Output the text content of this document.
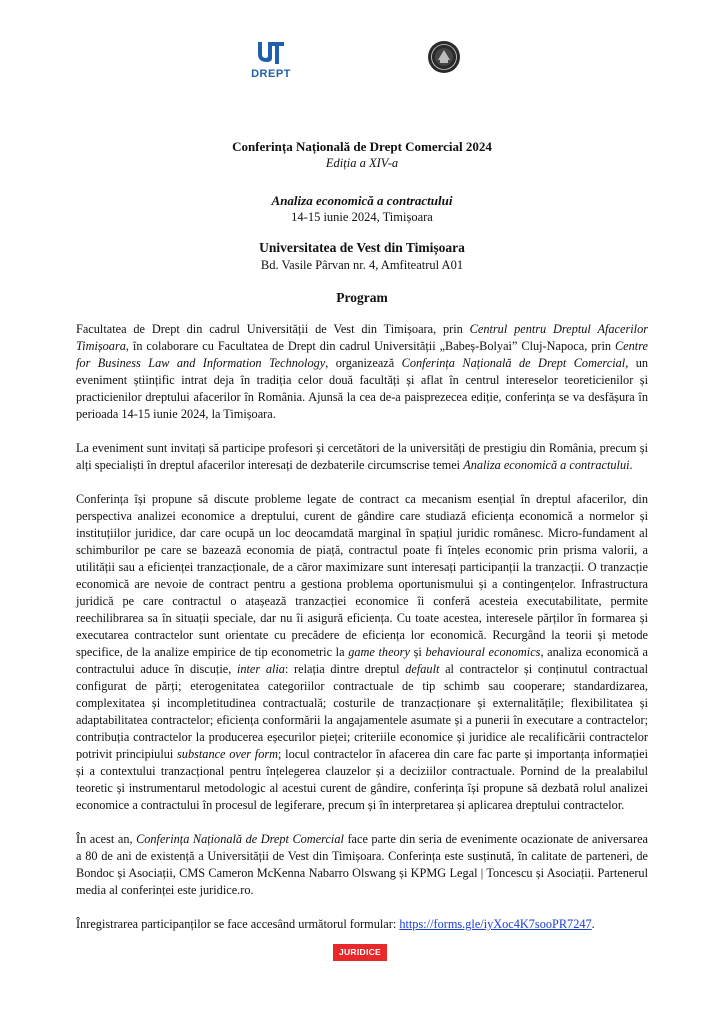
DREPT
Conferința Națională de Drept Comercial 2024
Ediția a XIV-a
Analiza economică a contractului
14-15 iunie 2024, Timișoara
Universitatea de Vest din Timișoara
Bd. Vasile Pârvan nr. 4, Amfiteatrul A01
Program

Facultatea de Drept din cadrul Universității de Vest din Timișoara, prin Centrul pentru Dreptul Afacerilor Timișoara, în colaborare cu Facultatea de Drept din cadrul Universității „Babeș-Bolyai” Cluj-Napoca, prin Centre for Business Law and Information Technology, organizează Conferința Națională de Drept Comercial, un eveniment științific intrat deja în tradiția celor două facultăți și aflat în centrul intereselor teoreticienilor și practicienilor dreptului afacerilor în România. Ajunsă la cea de-a paisprezecea ediție, conferința se va desfășura în perioada 14-15 iunie 2024, la Timișoara.

La eveniment sunt invitați să participe profesori și cercetători de la universități de prestigiu din România, precum și alți specialiști în dreptul afacerilor interesați de dezbaterile circumscrise temei Analiza economică a contractului.

Conferința își propune să discute probleme legate de contract ca mecanism esențial în dreptul afacerilor, din perspectiva analizei economice a dreptului, curent de gândire care studiază eficiența economică a normelor și instituțiilor juridice, dar care ocupă un loc deocamdată marginal în spațiul juridic românesc. Micro-fundament al schimburilor pe care se bazează economia de piață, contractul poate fi înțeles economic prin prisma valorii, a utilității sau a eficienței tranzacționale, de a căror maximizare sunt interesați participanții la tranzacții. O tranzacție economică are nevoie de contract pentru a gestiona problema oportunismului și a contingențelor. Infrastructura juridică pe care contractul o atașează tranzacției economice îi conferă acesteia executabilitate, permite reechilibrarea sa în situații speciale, dar nu îi asigură eficiența. Cu toate acestea, interesele părților în formarea și executarea contractelor sunt orientate cu precădere de eficiența lor economică. Recurgând la teorii și metode specifice, de la analize empirice de tip econometric la game theory și behavioural economics, analiza economică a contractului aduce în discuție, inter alia: relația dintre dreptul default al contractelor și conținutul contractual configurat de părți; eterogenitatea categoriilor contractuale de tip schimb sau cooperare; standardizarea, complexitatea și incompletitudinea contractuală; costurile de tranzacționare și externalitățile; flexibilitatea și adaptabilitatea contractelor; eficiența conformării la angajamentele asumate și a punerii în executare a contractelor; contribuția contractelor la producerea eșecurilor pieței; criteriile economice și juridice ale recalificării contractelor potrivit principiului substance over form; locul contractelor în afacerea din care fac parte și importanța informației și a contextului tranzacțional pentru înțelegerea clauzelor și a deciziilor contractuale. Pornind de la prealabilul teoretic și instrumentarul metodologic al acestui curent de gândire, conferința își propune să dezbată rolul analizei economice a contractului în procesul de legiferare, precum și în interpretarea și aplicarea dreptului contractelor.

În acest an, Conferința Națională de Drept Comercial face parte din seria de evenimente ocazionate de aniversarea a 80 de ani de existență a Universității de Vest din Timișoara. Conferința este susținută, în calitate de parteneri, de Bondoc și Asociații, CMS Cameron McKenna Nabarro Olswang și KPMG Legal | Toncescu și Asociații. Partenerul media al conferinței este juridice.ro.

Înregistrarea participanților se face accesând următorul formular: https://forms.gle/iyXoc4K7sooPR7247.

JURIDICE
